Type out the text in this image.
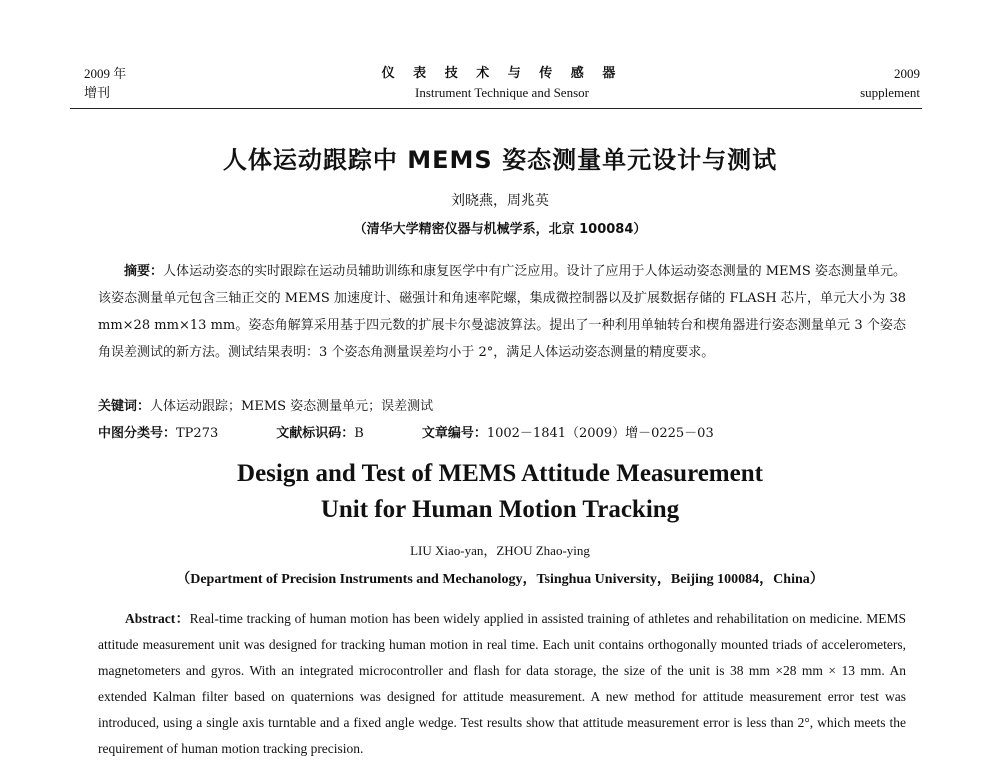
2009 年
增刊
仪 表 技 术 与 传 感 器
Instrument Technique and Sensor
2009
supplement
人体运动跟踪中 MEMS 姿态测量单元设计与测试
刘晓燕，周兆英
（清华大学精密仪器与机械学系，北京 100084）
摘要：人体运动姿态的实时跟踪在运动员辅助训练和康复医学中有广泛应用。设计了应用于人体运动姿态测量的 MEMS 姿态测量单元。该姿态测量单元包含三轴正交的 MEMS 加速度计、磁强计和角速率陀螺，集成微控制器以及扩展数据存储的 FLASH 芯片，单元大小为 38 mm×28 mm×13 mm。姿态角解算采用基于四元数的扩展卡尔曼滤波算法。提出了一种利用单轴转台和楔角器进行姿态测量单元 3 个姿态角误差测试的新方法。测试结果表明：3 个姿态角测量误差均小于 2°，满足人体运动姿态测量的精度要求。
关键词：人体运动跟踪；MEMS 姿态测量单元；误差测试
中图分类号：TP273	文献标识码：B	文章编号：1002－1841（2009）增－0225－03
Design and Test of MEMS Attitude Measurement
Unit for Human Motion Tracking
LIU Xiao-yan，ZHOU Zhao-ying
（Department of Precision Instruments and Mechanology，Tsinghua University，Beijing 100084，China）
Abstract：Real-time tracking of human motion has been widely applied in assisted training of athletes and rehabilitation on medicine. MEMS attitude measurement unit was designed for tracking human motion in real time. Each unit contains orthogonally mounted triads of accelerometers, magnetometers and gyros. With an integrated microcontroller and flash for data storage, the size of the unit is 38 mm ×28 mm × 13 mm. An extended Kalman filter based on quaternions was designed for attitude measurement. A new method for attitude measurement error test was introduced, using a single axis turntable and a fixed angle wedge. Test results show that attitude measurement error is less than 2°, which meets the requirement of human motion tracking precision.
